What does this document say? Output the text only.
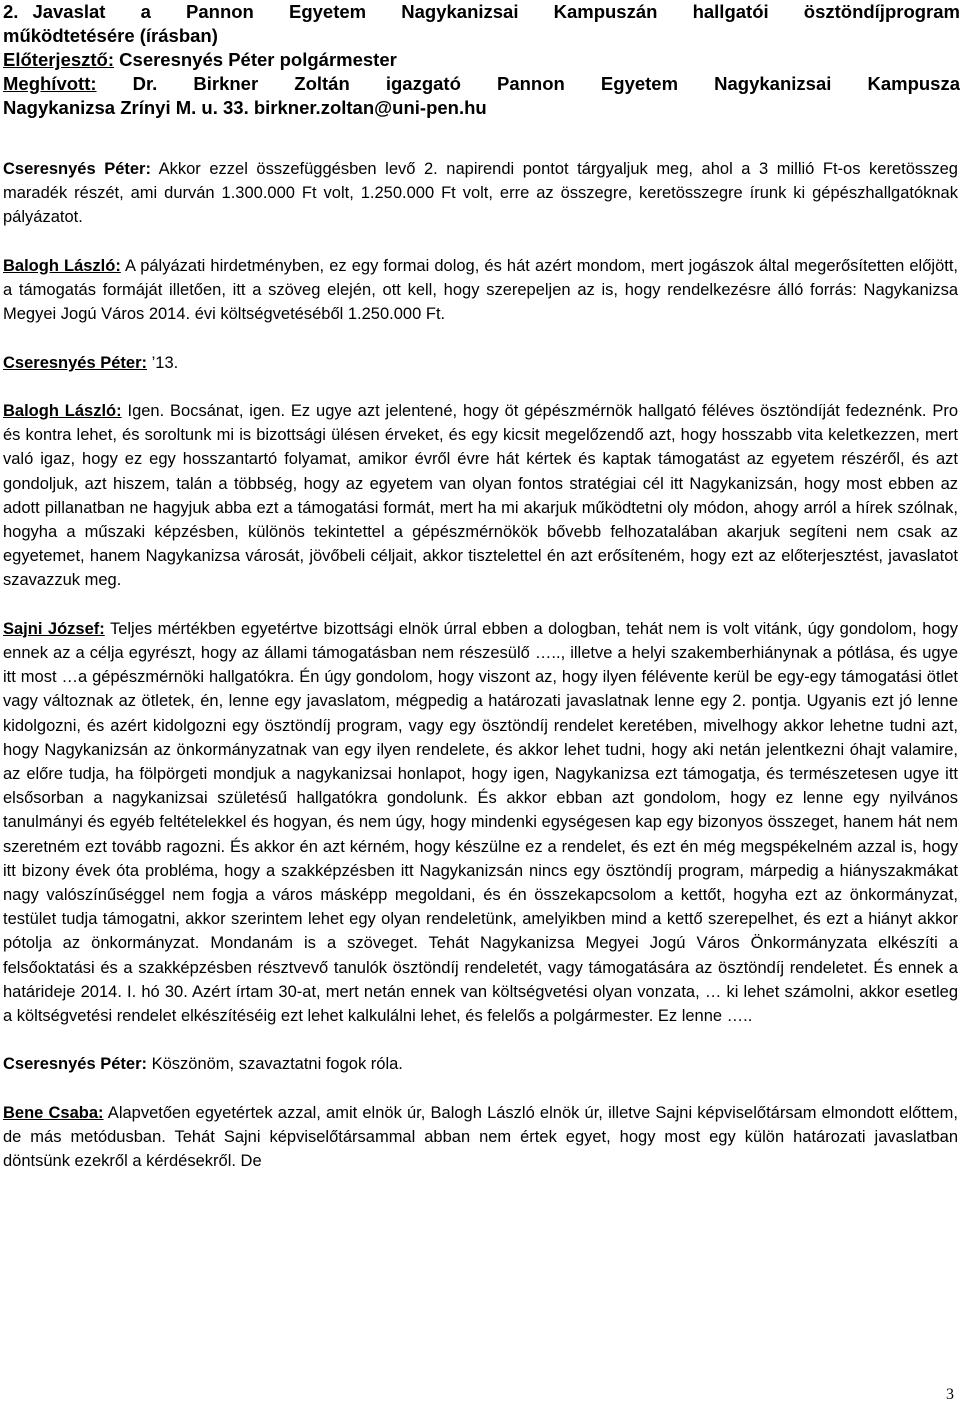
2. Javaslat a Pannon Egyetem Nagykanizsai Kampuszán hallgatói ösztöndíjprogram

működtetésére (írásban)

Előterjesztő: Cseresnyés Péter polgármester

Meghívott: Dr. Birkner Zoltán igazgató Pannon Egyetem Nagykanizsai Kampusza

Nagykanizsa Zrínyi M. u. 33. birkner.zoltan@uni-pen.hu

Cseresnyés Péter: Akkor ezzel összefüggésben levő 2. napirendi pontot tárgyaljuk meg, ahol a 3 millió Ft-os keretösszeg maradék részét, ami durván 1.300.000 Ft volt, 1.250.000 Ft volt, erre az összegre, keretösszegre írunk ki gépészhallgatóknak pályázatot.

Balogh László: A pályázati hirdetményben, ez egy formai dolog, és hát azért mondom, mert jogászok által megerősítetten előjött, a támogatás formáját illetően, itt a szöveg elején, ott kell, hogy szerepeljen az is, hogy rendelkezésre álló forrás: Nagykanizsa Megyei Jogú Város 2014. évi költségvetéséből 1.250.000 Ft.

Cseresnyés Péter: ’13.

Balogh László: Igen. Bocsánat, igen. Ez ugye azt jelentené, hogy öt gépészmérnök hallgató féléves ösztöndíját fedeznénk. Pro és kontra lehet, és soroltunk mi is bizottsági ülésen érveket, és egy kicsit megelőzendő azt, hogy hosszabb vita keletkezzen, mert való igaz, hogy ez egy hosszantartó folyamat, amikor évről évre hát kértek és kaptak támogatást az egyetem részéről, és azt gondoljuk, azt hiszem, talán a többség, hogy az egyetem van olyan fontos stratégiai cél itt Nagykanizsán, hogy most ebben az adott pillanatban ne hagyjuk abba ezt a támogatási formát, mert ha mi akarjuk működtetni oly módon, ahogy arról a hírek szólnak, hogyha a műszaki képzésben, különös tekintettel a gépészmérnökök bővebb felhozatalában akarjuk segíteni nem csak az egyetemet, hanem Nagykanizsa városát, jövőbeli céljait, akkor tisztelettel én azt erősíteném, hogy ezt az előterjesztést, javaslatot szavazzuk meg.

Sajni József: Teljes mértékben egyetértve bizottsági elnök úrral ebben a dologban, tehát nem is volt vitánk, úgy gondolom, hogy ennek az a célja egyrészt, hogy az állami támogatásban nem részesülő ….., illetve a helyi szakemberhiánynak a pótlása, és ugye itt most …a gépészmérnöki hallgatókra. Én úgy gondolom, hogy viszont az, hogy ilyen félévente kerül be egy-egy támogatási ötlet vagy változnak az ötletek, én, lenne egy javaslatom, mégpedig a határozati javaslatnak lenne egy 2. pontja. Ugyanis ezt jó lenne kidolgozni, és azért kidolgozni egy ösztöndíj program, vagy egy ösztöndíj rendelet keretében, mivelhogy akkor lehetne tudni azt, hogy Nagykanizsán az önkormányzatnak van egy ilyen rendelete, és akkor lehet tudni, hogy aki netán jelentkezni óhajt valamire, az előre tudja, ha fölpörgeti mondjuk a nagykanizsai honlapot, hogy igen, Nagykanizsa ezt támogatja, és természetesen ugye itt elsősorban a nagykanizsai születésű hallgatókra gondolunk. És akkor ebban azt gondolom, hogy ez lenne egy nyilvános tanulmányi és egyéb feltételekkel és hogyan, és nem úgy, hogy mindenki egységesen kap egy bizonyos összeget, hanem hát nem szeretném ezt tovább ragozni. És akkor én azt kérném, hogy készülne ez a rendelet, és ezt én még megspékelném azzal is, hogy itt bizony évek óta probléma, hogy a szakképzésben itt Nagykanizsán nincs egy ösztöndíj program, márpedig a hiányszakmákat nagy valószínűséggel nem fogja a város másképp megoldani, és én összekapcsolom a kettőt, hogyha ezt az önkormányzat, testület tudja támogatni, akkor szerintem lehet egy olyan rendeletünk, amelyikben mind a kettő szerepelhet, és ezt a hiányt akkor pótolja az önkormányzat. Mondanám is a szöveget. Tehát Nagykanizsa Megyei Jogú Város Önkormányzata elkészíti a felsőoktatási és a szakképzésben résztvevő tanulók ösztöndíj rendeletét, vagy támogatására az ösztöndíj rendeletet. És ennek a határideje 2014. I. hó 30. Azért írtam 30-at, mert netán ennek van költségvetési olyan vonzata, … ki lehet számolni, akkor esetleg a költségvetési rendelet elkészítéséig ezt lehet kalkulálni lehet, és felelős a polgármester. Ez lenne …..

Cseresnyés Péter: Köszönöm, szavaztatni fogok róla.

Bene Csaba: Alapvetően egyetértek azzal, amit elnök úr, Balogh László elnök úr, illetve Sajni képviselőtársam elmondott előttem, de más metódusban. Tehát Sajni képviselőtársammal abban nem értek egyet, hogy most egy külön határozati javaslatban döntsünk ezekről a kérdésekről. De

3
